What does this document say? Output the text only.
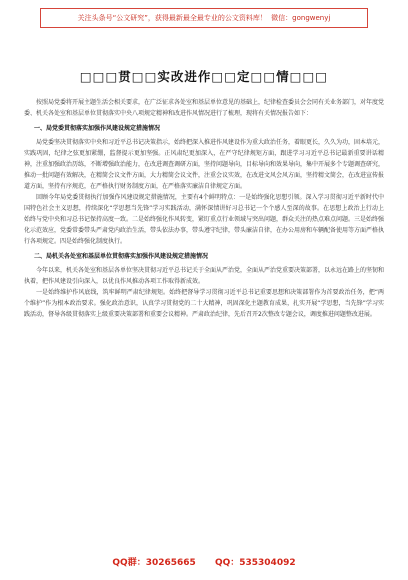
关注头条号“公文研究”，获得最新最全最专业的公文资料库！ 微信：gongwenyj
□□□贯□□实改进作□□定□□情□□□

按照局党委将开展主题生活会相关要求，在广泛征求各处室和基层单位意见的基础上，纪律检查委员会会同有关业务部门，对年度党委、机关各处室和基层单位贯彻落实中央八项规定精神和改进作风情况进行了梳理，现将有关情况报告如下：

一、局党委贯彻落实加强作风建设规定措施情况

局党委坚决贯彻落实中央和习近平总书记决策指示，始终把深入推进作风建设作为重大政治任务，着眼更长，久久为功，固本培元，实践巩固，纪律之弦更加紧绷，监督提示更加坚强。正风肃纪更加深入，在严守纪律规矩方面，跟进学习习近平总书记最新重要讲话精神，注重加强政治历练，不断增强政治能力，在改进调查调研方面，坚持问题导向，目标导向和效果导向，集中开展多个专题调查研究，推动一批问题有效解决，在精简会议文件方面，大力精简会议文件，注重会议实效，在改进文风会风方面，坚持精文简会，在改进宣传报道方面，坚持有序规范，在严格执行财务制度方面，在严格落实廉洁自律规定方面。

回顾今年局党委贯彻执行加强作风建设规定措施情况，主要有4个鲜明特点：一是始终强化思想引领。深入学习贯彻习近平新时代中国特色社会主义思想，持续深化“学思想当先锋”学习实践活动，满怀深情讲好习总书记一个个感人至深的故事。在思想上政治上行动上始终与党中央和习总书记保持高度一致。二是始终强化作风转变，紧盯重点行业领域与突出问题，群众关注的热点难点问题。三是始终强化示范效应，党委常委带头严肃党内政治生活，带头依法办事，带头遵守纪律，带头廉洁自律，在办公用房和车辆配备使用等方面严格执行各项规定。四是始终强化制度执行。

二、局机关各处室和基层单位贯彻落实加强作风建设规定措施情况

今年以来，机关各处室和基层各单位坚决贯彻习近平总书记关于全面从严治党，全面从严治党重要决策部署，以永远在路上的坚韧和执着，把作风建设引向深入，以优良作风推动各项工作取得新成效。

一是始终维护作风底线，筑牢鲜明严肃纪律规矩。始终把督导学习贯彻习近平总书记重要思想和决策部署作为首要政治任务，把“两个维护”作为根本政治要求。强化政治意识，认真学习贯彻党的二十大精神，巩固深化主题教育成果，扎实开展“学思想，当先锋”学习实践活动，督导各级贯彻落实上级重要决策部署和重要会议精神。严肃政治纪律，先后召开2次整改专题会议，调度推进问题整改进展。

QQ群：30265665 QQ：535304092
